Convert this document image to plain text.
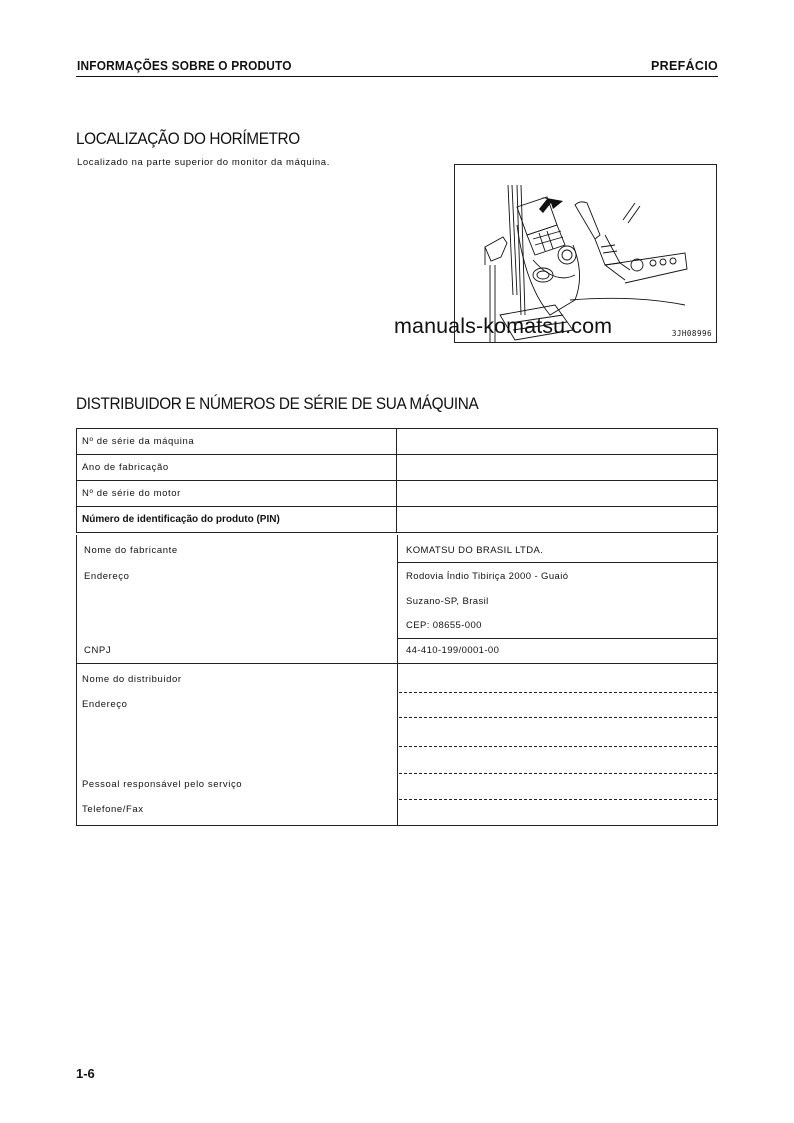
INFORMAÇÕES SOBRE O PRODUTO	PREFÁCIO
LOCALIZAÇÃO DO HORÍMETRO
Localizado na parte superior do monitor da máquina.
3JH08996
manuals-komatsu.com
DISTRIBUIDOR E NÚMEROS DE SÉRIE DE SUA MÁQUINA
Nº de série da máquina	
Ano de fabricação	
Nº de série do motor	
Número de identificação do produto (PIN)	
Nome do fabricante	KOMATSU DO BRASIL LTDA.
Endereço	Rodovia Índio Tibiriça 2000 - Guaió
Suzano-SP, Brasil
CEP: 08655-000
CNPJ	44-410-199/0001-00
Nome do distribuidor
Endereço
Pessoal responsável pelo serviço
Telefone/Fax
1-6
